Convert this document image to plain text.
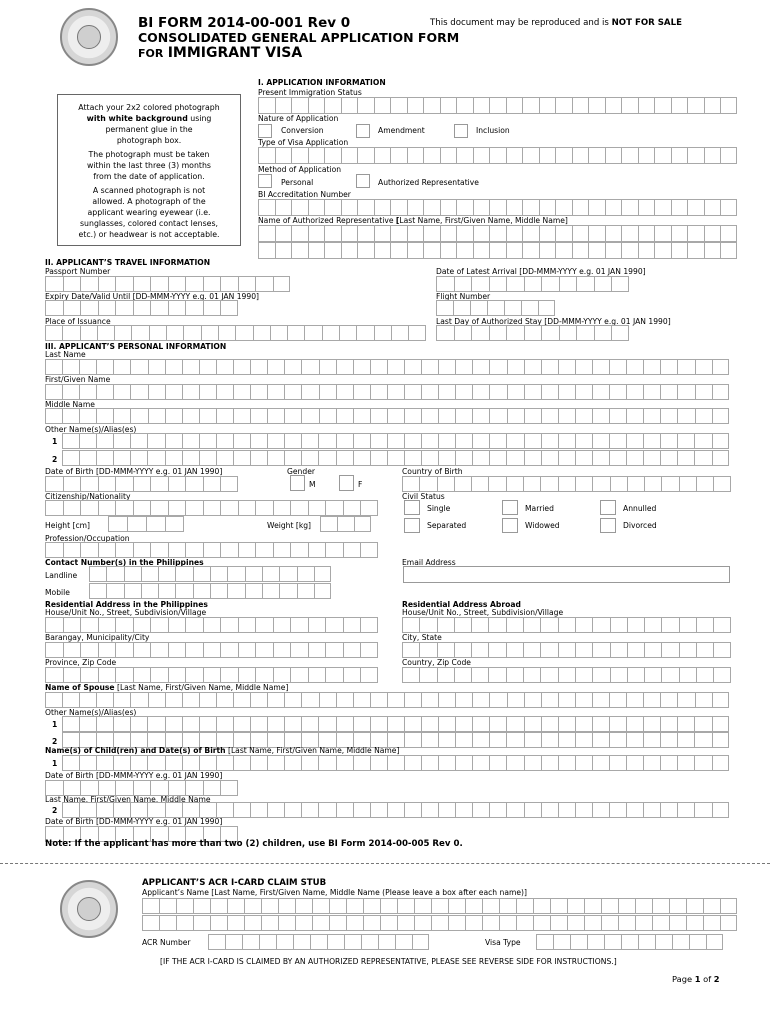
BI FORM 2014-00-001 Rev 0	This document may be reproduced and is NOT FOR SALE
CONSOLIDATED GENERAL APPLICATION FORM
FOR IMMIGRANT VISA
Attach your 2x2 colored photograph
with white background using
permanent glue in the
photograph box.
The photograph must be taken
within the last three (3) months
from the date of application.
A scanned photograph is not
allowed. A photograph of the
applicant wearing eyewear (i.e.
sunglasses, colored contact lenses,
etc.) or headwear is not acceptable.
I. APPLICATION INFORMATION
Present Immigration Status
Nature of Application
Conversion	Amendment	Inclusion
Type of Visa Application
Method of Application
Personal	Authorized Representative
BI Accreditation Number
Name of Authorized Representative [Last Name, First/Given Name, Middle Name]
II. APPLICANT’S TRAVEL INFORMATION
Passport Number	Date of Latest Arrival [DD-MMM-YYYY e.g. 01 JAN 1990]
Expiry Date/Valid Until [DD-MMM-YYYY e.g. 01 JAN 1990]	Flight Number
Place of Issuance	Last Day of Authorized Stay [DD-MMM-YYYY e.g. 01 JAN 1990]
III. APPLICANT’S PERSONAL INFORMATION
Last Name
First/Given Name
Middle Name
Other Name(s)/Alias(es)
1
2
Date of Birth [DD-MMM-YYYY e.g. 01 JAN 1990]	Gender
M	F
Country of Birth
Citizenship/Nationality	Civil Status
Single	Married	Annulled
Height [cm]	Weight [kg]	Separated	Widowed	Divorced
Profession/Occupation
Contact Number(s) in the Philippines	Email Address
Landline
Mobile
Residential Address in the Philippines
House/Unit No., Street, Subdivision/Village
Residential Address Abroad
House/Unit No., Street, Subdivision/Village
Barangay, Municipality/City	City, State
Province, Zip Code	Country, Zip Code
Name of Spouse [Last Name, First/Given Name, Middle Name]
Other Name(s)/Alias(es)
1
2
Name(s) of Child(ren) and Date(s) of Birth [Last Name, First/Given Name, Middle Name]
1
Date of Birth [DD-MMM-YYYY e.g. 01 JAN 1990]
Last Name, First/Given Name, Middle Name
2
Date of Birth [DD-MMM-YYYY e.g. 01 JAN 1990]
Note: If the applicant has more than two (2) children, use BI Form 2014-00-005 Rev 0.
APPLICANT’S ACR I-CARD CLAIM STUB
Applicant’s Name [Last Name, First/Given Name, Middle Name (Please leave a box after each name)]
ACR Number	Visa Type
[IF THE ACR I-CARD IS CLAIMED BY AN AUTHORIZED REPRESENTATIVE, PLEASE SEE REVERSE SIDE FOR INSTRUCTIONS.]
Page 1 of 2
